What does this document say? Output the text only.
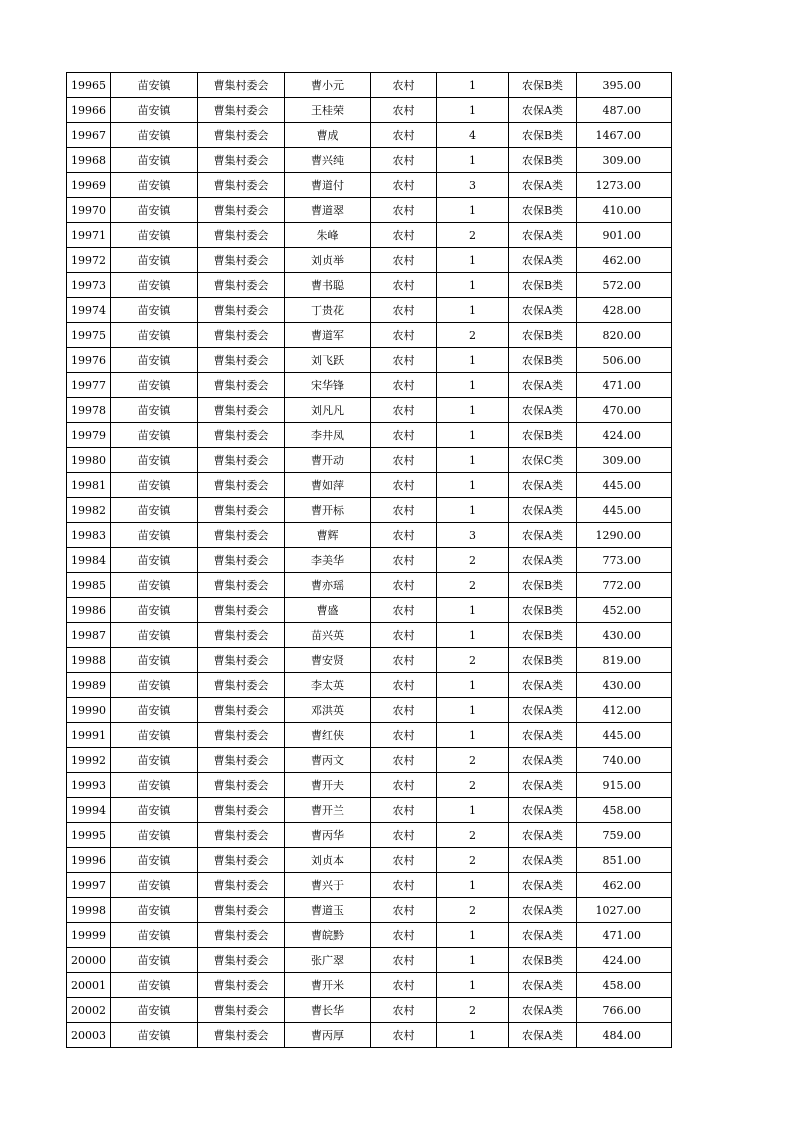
19965	苗安镇	曹集村委会	曹小元	农村	1	农保B类	395.00
19966	苗安镇	曹集村委会	王桂荣	农村	1	农保A类	487.00
19967	苗安镇	曹集村委会	曹成	农村	4	农保B类	1467.00
19968	苗安镇	曹集村委会	曹兴纯	农村	1	农保B类	309.00
19969	苗安镇	曹集村委会	曹道付	农村	3	农保A类	1273.00
19970	苗安镇	曹集村委会	曹道翠	农村	1	农保B类	410.00
19971	苗安镇	曹集村委会	朱峰	农村	2	农保A类	901.00
19972	苗安镇	曹集村委会	刘贞举	农村	1	农保A类	462.00
19973	苗安镇	曹集村委会	曹书聪	农村	1	农保B类	572.00
19974	苗安镇	曹集村委会	丁贵花	农村	1	农保A类	428.00
19975	苗安镇	曹集村委会	曹道军	农村	2	农保B类	820.00
19976	苗安镇	曹集村委会	刘飞跃	农村	1	农保B类	506.00
19977	苗安镇	曹集村委会	宋华锋	农村	1	农保A类	471.00
19978	苗安镇	曹集村委会	刘凡凡	农村	1	农保A类	470.00
19979	苗安镇	曹集村委会	李井凤	农村	1	农保B类	424.00
19980	苗安镇	曹集村委会	曹开动	农村	1	农保C类	309.00
19981	苗安镇	曹集村委会	曹如萍	农村	1	农保A类	445.00
19982	苗安镇	曹集村委会	曹开标	农村	1	农保A类	445.00
19983	苗安镇	曹集村委会	曹辉	农村	3	农保A类	1290.00
19984	苗安镇	曹集村委会	李美华	农村	2	农保A类	773.00
19985	苗安镇	曹集村委会	曹亦瑶	农村	2	农保B类	772.00
19986	苗安镇	曹集村委会	曹盛	农村	1	农保B类	452.00
19987	苗安镇	曹集村委会	苗兴英	农村	1	农保B类	430.00
19988	苗安镇	曹集村委会	曹安贤	农村	2	农保B类	819.00
19989	苗安镇	曹集村委会	李太英	农村	1	农保A类	430.00
19990	苗安镇	曹集村委会	邓洪英	农村	1	农保A类	412.00
19991	苗安镇	曹集村委会	曹红侠	农村	1	农保A类	445.00
19992	苗安镇	曹集村委会	曹丙文	农村	2	农保A类	740.00
19993	苗安镇	曹集村委会	曹开夫	农村	2	农保A类	915.00
19994	苗安镇	曹集村委会	曹开兰	农村	1	农保A类	458.00
19995	苗安镇	曹集村委会	曹丙华	农村	2	农保A类	759.00
19996	苗安镇	曹集村委会	刘贞本	农村	2	农保A类	851.00
19997	苗安镇	曹集村委会	曹兴于	农村	1	农保A类	462.00
19998	苗安镇	曹集村委会	曹道玉	农村	2	农保A类	1027.00
19999	苗安镇	曹集村委会	曹皖黔	农村	1	农保A类	471.00
20000	苗安镇	曹集村委会	张广翠	农村	1	农保B类	424.00
20001	苗安镇	曹集村委会	曹开米	农村	1	农保A类	458.00
20002	苗安镇	曹集村委会	曹长华	农村	2	农保A类	766.00
20003	苗安镇	曹集村委会	曹丙厚	农村	1	农保A类	484.00
